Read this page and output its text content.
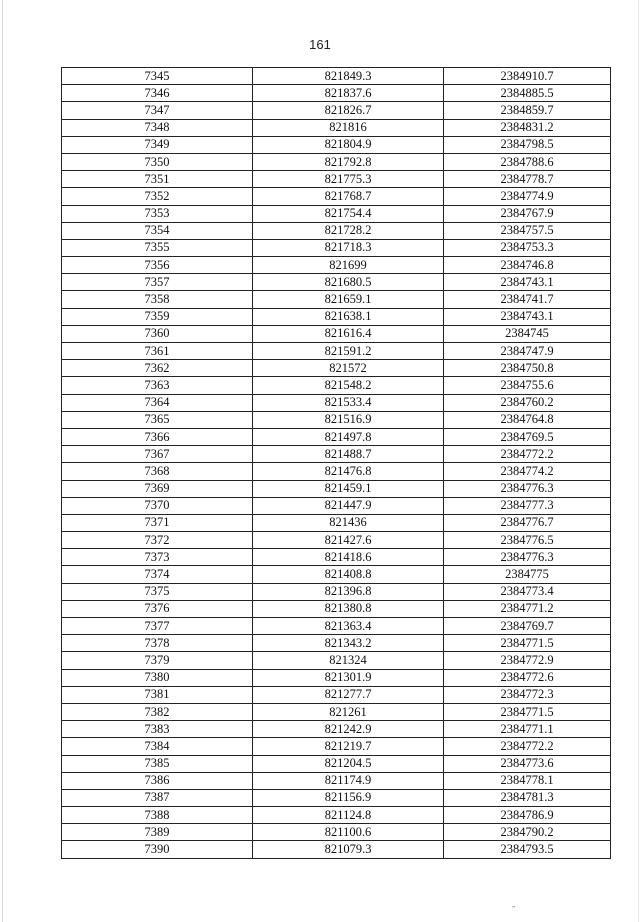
161
7345	821849.3	2384910.7
7346	821837.6	2384885.5
7347	821826.7	2384859.7
7348	821816	2384831.2
7349	821804.9	2384798.5
7350	821792.8	2384788.6
7351	821775.3	2384778.7
7352	821768.7	2384774.9
7353	821754.4	2384767.9
7354	821728.2	2384757.5
7355	821718.3	2384753.3
7356	821699	2384746.8
7357	821680.5	2384743.1
7358	821659.1	2384741.7
7359	821638.1	2384743.1
7360	821616.4	2384745
7361	821591.2	2384747.9
7362	821572	2384750.8
7363	821548.2	2384755.6
7364	821533.4	2384760.2
7365	821516.9	2384764.8
7366	821497.8	2384769.5
7367	821488.7	2384772.2
7368	821476.8	2384774.2
7369	821459.1	2384776.3
7370	821447.9	2384777.3
7371	821436	2384776.7
7372	821427.6	2384776.5
7373	821418.6	2384776.3
7374	821408.8	2384775
7375	821396.8	2384773.4
7376	821380.8	2384771.2
7377	821363.4	2384769.7
7378	821343.2	2384771.5
7379	821324	2384772.9
7380	821301.9	2384772.6
7381	821277.7	2384772.3
7382	821261	2384771.5
7383	821242.9	2384771.1
7384	821219.7	2384772.2
7385	821204.5	2384773.6
7386	821174.9	2384778.1
7387	821156.9	2384781.3
7388	821124.8	2384786.9
7389	821100.6	2384790.2
7390	821079.3	2384793.5
ᵔ
